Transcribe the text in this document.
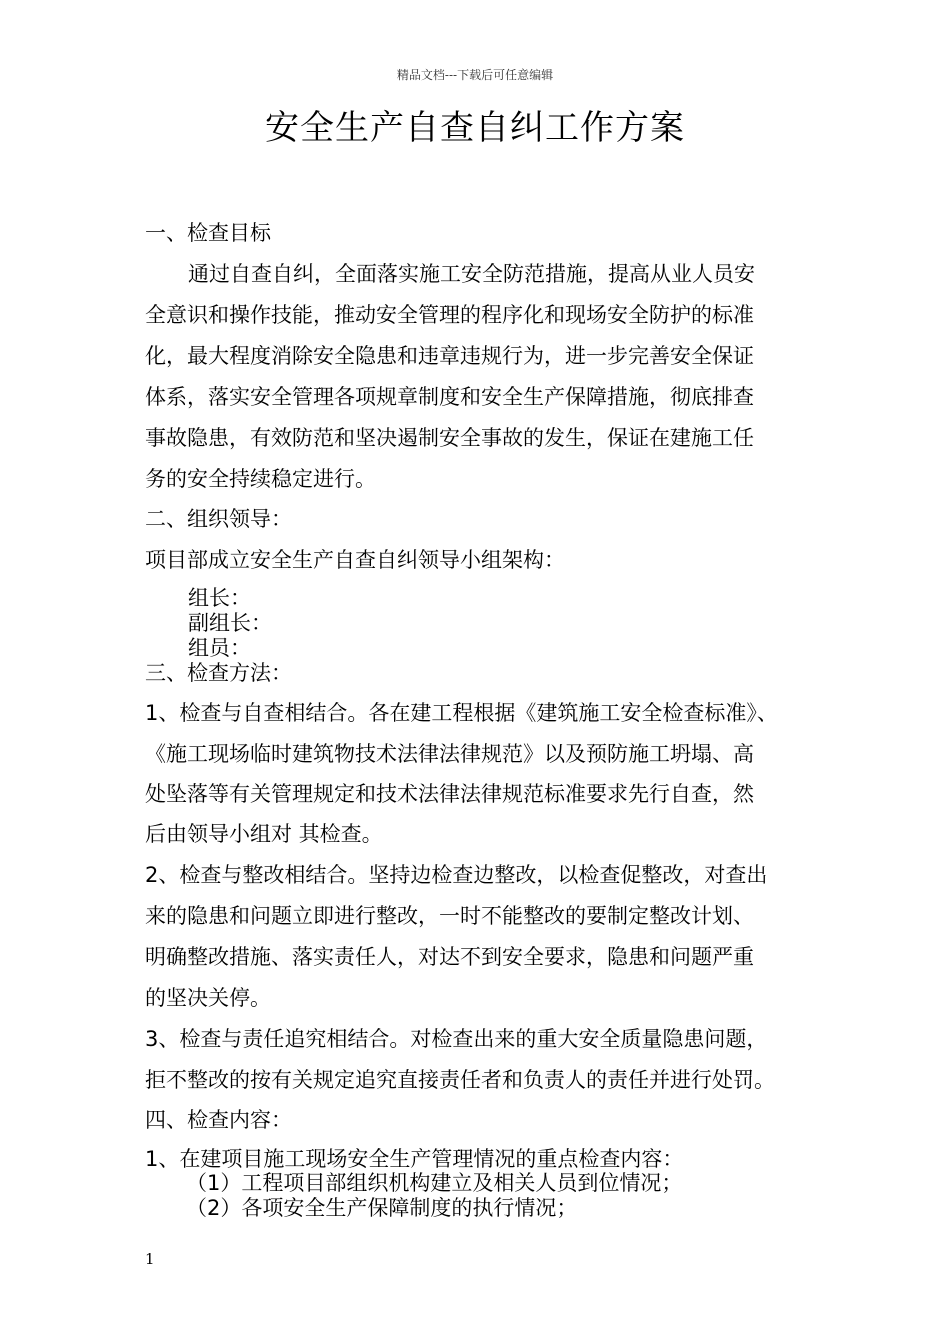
精品文档---下载后可任意编辑
安全生产自查自纠工作方案
一、检查目标
通过自查自纠，全面落实施工安全防范措施，提高从业人员安
全意识和操作技能，推动安全管理的程序化和现场安全防护的标准
化，最大程度消除安全隐患和违章违规行为，进一步完善安全保证
体系，落实安全管理各项规章制度和安全生产保障措施，彻底排查
事故隐患，有效防范和坚决遏制安全事故的发生，保证在建施工任
务的安全持续稳定进行。
二、组织领导：
项目部成立安全生产自查自纠领导小组架构：
组长：
副组长：
组员：
三、检查方法：
1、检查与自查相结合。各在建工程根据《建筑施工安全检查标准》、
《施工现场临时建筑物技术法律法律规范》以及预防施工坍塌、高
处坠落等有关管理规定和技术法律法律规范标准要求先行自查，然
后由领导小组对 其检查。
2、检查与整改相结合。坚持边检查边整改，以检查促整改，对查出
来的隐患和问题立即进行整改，一时不能整改的要制定整改计划、
明确整改措施、落实责任人，对达不到安全要求，隐患和问题严重
的坚决关停。
3、检查与责任追究相结合。对检查出来的重大安全质量隐患问题，
拒不整改的按有关规定追究直接责任者和负责人的责任并进行处罚。
四、检查内容：
1、在建项目施工现场安全生产管理情况的重点检查内容：
（1）工程项目部组织机构建立及相关人员到位情况；
（2）各项安全生产保障制度的执行情况；
1
